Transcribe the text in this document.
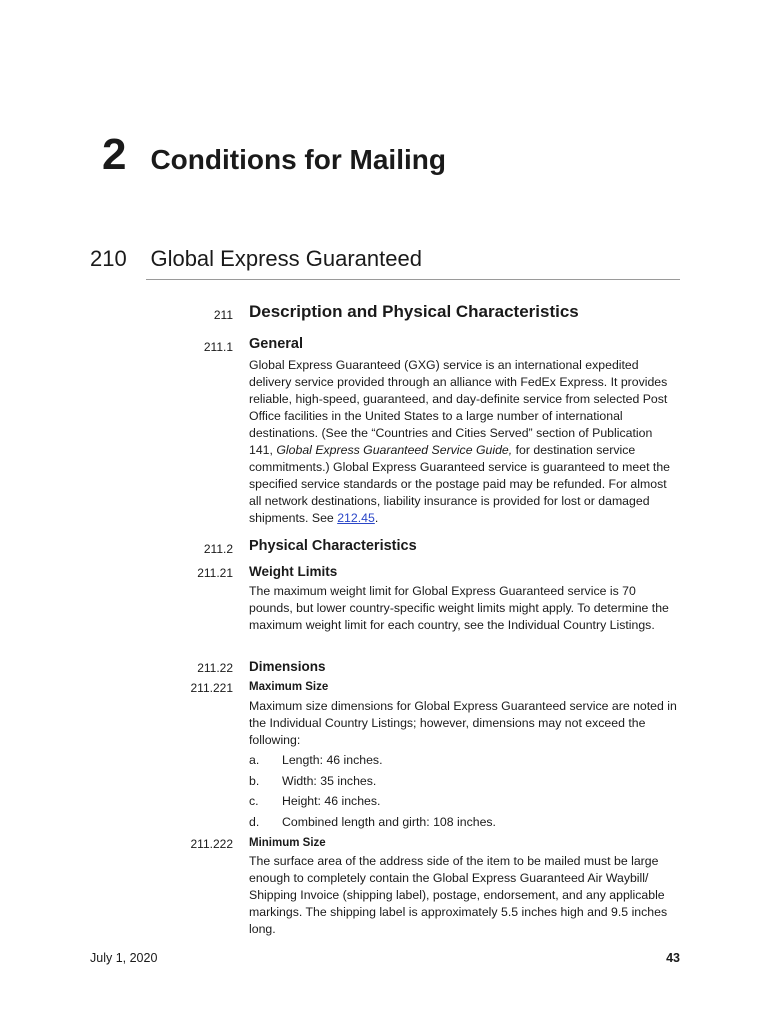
2 Conditions for Mailing
210 Global Express Guaranteed
211 Description and Physical Characteristics
211.1 General

Global Express Guaranteed (GXG) service is an international expedited delivery service provided through an alliance with FedEx Express. It provides reliable, high-speed, guaranteed, and day-definite service from selected Post Office facilities in the United States to a large number of international destinations. (See the “Countries and Cities Served” section of Publication 141, Global Express Guaranteed Service Guide, for destination service commitments.) Global Express Guaranteed service is guaranteed to meet the specified service standards or the postage paid may be refunded. For almost all network destinations, liability insurance is provided for lost or damaged shipments. See 212.45.

211.2 Physical Characteristics
211.21 Weight Limits

The maximum weight limit for Global Express Guaranteed service is 70 pounds, but lower country-specific weight limits might apply. To determine the maximum weight limit for each country, see the Individual Country Listings.

211.22 Dimensions
211.221 Maximum Size

Maximum size dimensions for Global Express Guaranteed service are noted in the Individual Country Listings; however, dimensions may not exceed the following:

a. Length: 46 inches.
b. Width: 35 inches.
c. Height: 46 inches.
d. Combined length and girth: 108 inches.
211.222 Minimum Size

The surface area of the address side of the item to be mailed must be large enough to completely contain the Global Express Guaranteed Air Waybill/ Shipping Invoice (shipping label), postage, endorsement, and any applicable markings. The shipping label is approximately 5.5 inches high and 9.5 inches long.

July 1, 2020	43
